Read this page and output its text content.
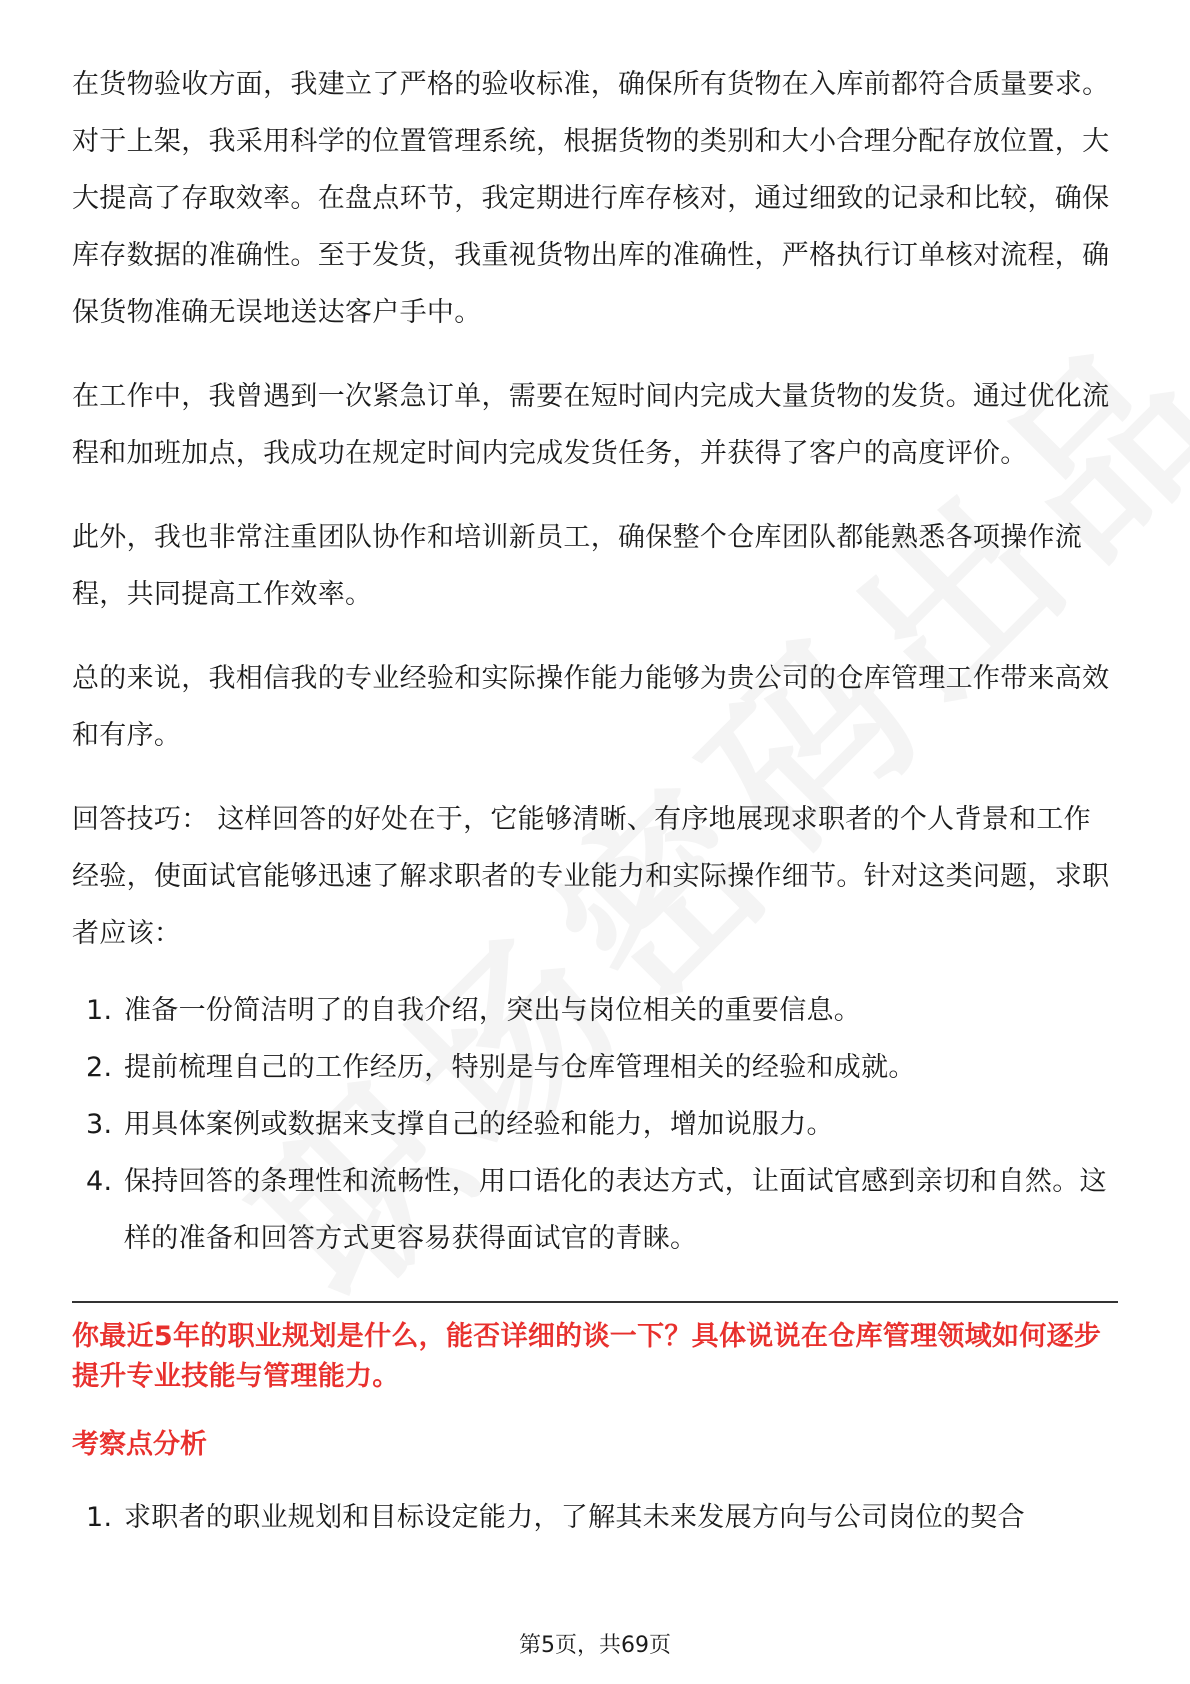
在货物验收方面，我建立了严格的验收标准，确保所有货物在入库前都符合质量要求。对于上架，我采用科学的位置管理系统，根据货物的类别和大小合理分配存放位置，大大提高了存取效率。在盘点环节，我定期进行库存核对，通过细致的记录和比较，确保库存数据的准确性。至于发货，我重视货物出库的准确性，严格执行订单核对流程，确保货物准确无误地送达客户手中。

在工作中，我曾遇到一次紧急订单，需要在短时间内完成大量货物的发货。通过优化流程和加班加点，我成功在规定时间内完成发货任务，并获得了客户的高度评价。

此外，我也非常注重团队协作和培训新员工，确保整个仓库团队都能熟悉各项操作流程，共同提高工作效率。

总的来说，我相信我的专业经验和实际操作能力能够为贵公司的仓库管理工作带来高效和有序。

回答技巧： 这样回答的好处在于，它能够清晰、有序地展现求职者的个人背景和工作经验，使面试官能够迅速了解求职者的专业能力和实际操作细节。针对这类问题，求职者应该：

1. 准备一份简洁明了的自我介绍，突出与岗位相关的重要信息。
2. 提前梳理自己的工作经历，特别是与仓库管理相关的经验和成就。
3. 用具体案例或数据来支撑自己的经验和能力，增加说服力。
4. 保持回答的条理性和流畅性，用口语化的表达方式，让面试官感到亲切和自然。这样的准备和回答方式更容易获得面试官的青睐。

你最近5年的职业规划是什么，能否详细的谈一下？具体说说在仓库管理领域如何逐步提升专业技能与管理能力。

考察点分析
1. 求职者的职业规划和目标设定能力，了解其未来发展方向与公司岗位的契合
第5页，共69页
